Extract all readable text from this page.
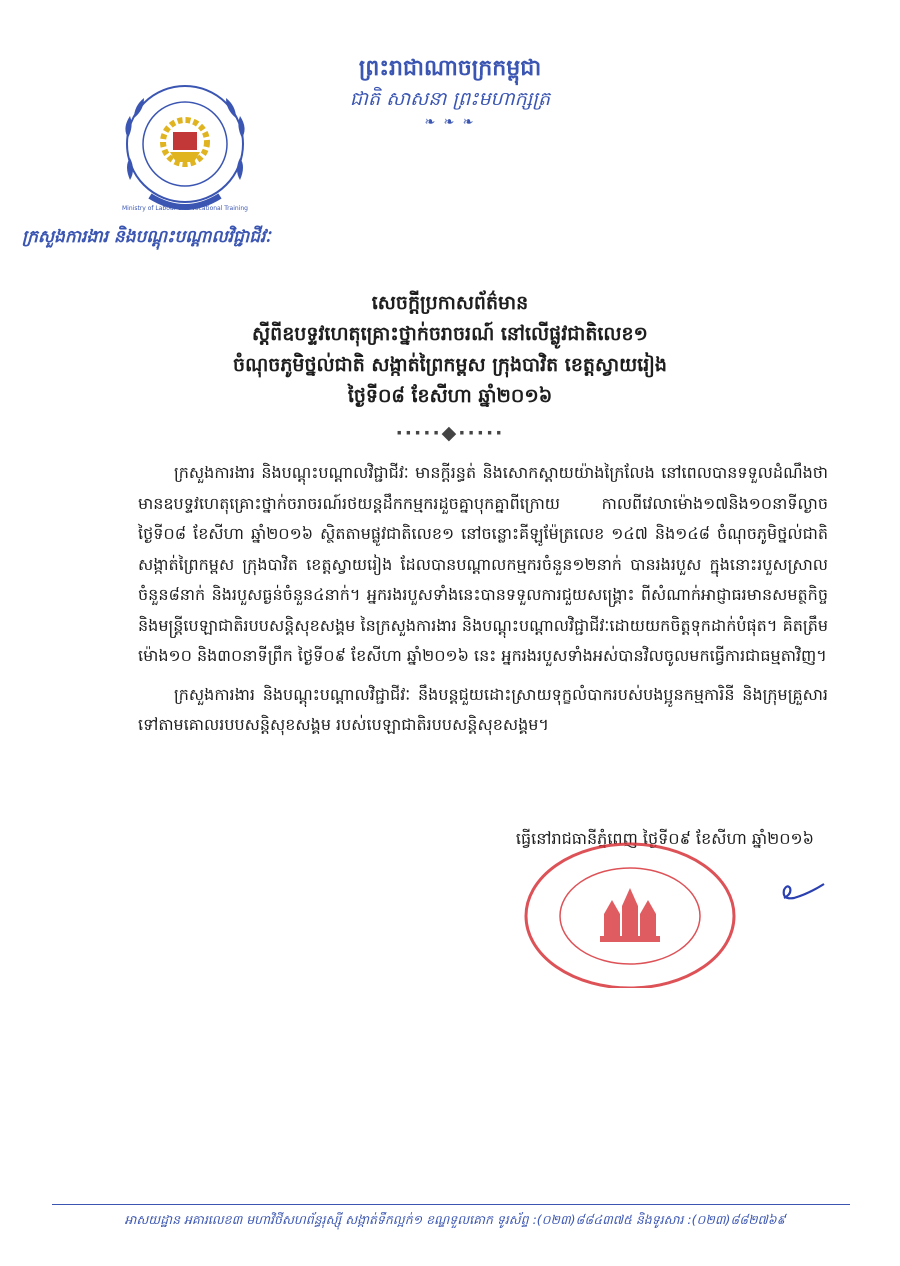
ព្រះរាជាណាចក្រកម្ពុជា
ជាតិ សាសនា ព្រះមហាក្សត្រ
❧ ❧ ❧
Ministry of Labour and Vocational Training
ក្រសួងការងារ និងបណ្តុះបណ្តាលវិជ្ជាជីវៈ
សេចក្តីប្រកាសព័ត៌មាន
ស្តីពីឧបទ្ទវហេតុគ្រោះថ្នាក់ចរាចរណ៍ នៅលើផ្លូវជាតិលេខ១
ចំណុចភូមិថ្នល់ជាតិ សង្កាត់ព្រៃកម្ពស ក្រុងបាវិត ខេត្តស្វាយរៀង
ថ្ងៃទី០៨ ខែសីហា ឆ្នាំ២០១៦
·····◆·····

ក្រសួងការងារ និងបណ្តុះបណ្តាលវិជ្ជាជីវៈ មានក្តីរន្ធត់ និងសោកស្តាយយ៉ាងក្រៃលែង នៅពេលបានទទួលដំណឹងថា មានឧបទ្ទវហេតុគ្រោះថ្នាក់ចរាចរណ៍រថយន្តដឹកកម្មករដួចគ្នាបុកគ្នាពីក្រោយ កាលពីវេលាម៉ោង១៧និង១០នាទីល្ងាច ថ្ងៃទី០៨ ខែសីហា ឆ្នាំ២០១៦ ស្ថិតតាមផ្លូវជាតិលេខ១ នៅចន្លោះគីឡូម៉ែត្រលេខ ១៤៧ និង១៤៨ ចំណុចភូមិថ្នល់ជាតិ សង្កាត់ព្រៃកម្ពស ក្រុងបាវិត ខេត្តស្វាយរៀង ដែលបានបណ្តាលកម្មករចំនួន១២នាក់ បានរងរបួស ក្នុងនោះរបួសស្រាលចំនួន៨នាក់ និងរបួសធ្ងន់ចំនួន៤នាក់។ អ្នករងរបួសទាំងនេះបានទទួលការជួយសង្គ្រោះ ពីសំណាក់អាជ្ញាធរមានសមត្ថកិច្ច និងមន្ត្រីបេឡាជាតិរបបសន្តិសុខសង្គម នៃក្រសួងការងារ និងបណ្តុះបណ្តាលវិជ្ជាជីវៈដោយយកចិត្តទុកដាក់បំផុត។ គិតត្រឹមម៉ោង១០ និង៣០នាទីព្រឹក ថ្ងៃទី០៩ ខែសីហា ឆ្នាំ២០១៦ នេះ អ្នករងរបួសទាំងអស់បានវិលចូលមកធ្វើការជាធម្មតាវិញ។

ក្រសួងការងារ និងបណ្តុះបណ្តាលវិជ្ជាជីវៈ នឹងបន្តជួយដោះស្រាយទុក្ខលំបាករបស់បងប្អូនកម្មការិនី និងក្រុមគ្រួសារទៅតាមគោលរបបសន្តិសុខសង្គម របស់បេឡាជាតិរបបសន្តិសុខសង្គម។

ធ្វើនៅរាជធានីភ្នំពេញ ថ្ងៃទី០៩ ខែសីហា ឆ្នាំ២០១៦
អាសយដ្ឋាន អគារលេខ៣ មហាវិថីសហព័ន្ធរុស្ស៊ី សង្កាត់ទឹកល្អក់១ ខណ្ឌទួលគោក ទូរស័ព្ទ :(០២៣)៨៨៤៣៧៥ និងទូរសារ :(០២៣)៨៨២៧៦៩
